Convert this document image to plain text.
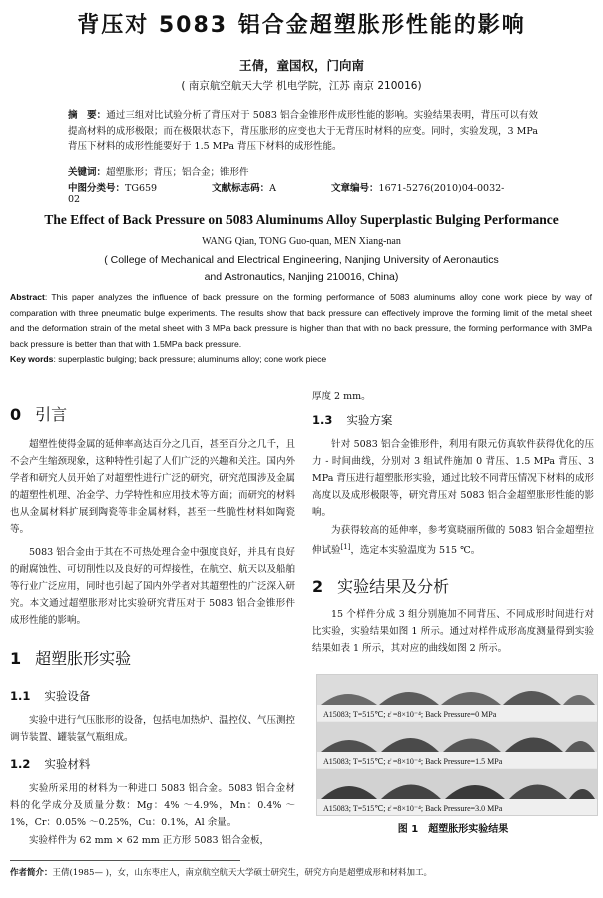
背压对 5083 铝合金超塑胀形性能的影响
王倩，童国权，门向南
( 南京航空航天大学 机电学院，江苏 南京 210016)
摘　要：通过三组对比试验分析了背压对于 5083 铝合金锥形件成形性能的影响。实验结果表明，背压可以有效提高材料的成形极限；而在极限状态下，背压胀形的应变也大于无背压时材料的应变。同时，实验发现，3 MPa 背压下材料的成形性能要好于 1.5 MPa 背压下材料的成形性能。
关键词：超塑胀形；背压；铝合金；锥形件
中图分类号：TG659	文献标志码：A	文章编号：1671-5276(2010)04-0032-02
The Effect of Back Pressure on 5083 Aluminums Alloy Superplastic Bulging Performance
WANG Qian, TONG Guo-quan, MEN Xiang-nan
( College of Mechanical and Electrical Engineering, Nanjing University of Aeronautics
and Astronautics, Nanjing 210016, China)
Abstract: This paper analyzes the influence of back pressure on the forming performance of 5083 aluminums alloy cone work piece by way of comparation with three pneumatic bulge experiments. The results show that back pressure can effectively improve the forming limit of the metal sheet and the deformation strain of the metal sheet with 3 MPa back pressure is higher than that with no back pressure, the forming performance with 3MPa back pressure is better than that with 1.5MPa back pressure.
Key words: superplastic bulging; back pressure; aluminums alloy; cone work piece
0 引言
超塑性使得金属的延伸率高达百分之几百，甚至百分之几千，且不会产生缩颈现象，这种特性引起了人们广泛的兴趣和关注。国内外学者和研究人员开始了对超塑性进行广泛的研究，研究范围涉及金属的超塑性机理、冶金学、力学特性和应用技术等方面；而研究的材料也从金属材料扩展到陶瓷等非金属材料，甚至一些脆性材料如陶瓷等。
5083 铝合金由于其在不可热处理合金中强度良好，并具有良好的耐腐蚀性、可切削性以及良好的可焊接性，在航空、航天以及船舶等行业广泛应用，同时也引起了国内外学者对其超塑性的广泛深入研究。本文通过超塑胀形对比实验研究背压对于 5083 铝合金锥形件成形性能的影响。
1 超塑胀形实验
1.1 实验设备
实验中进行气压胀形的设备，包括电加热炉、温控仪、气压测控调节装置、罐装氩气瓶组成。
1.2 实验材料
实验所采用的材料为一种进口 5083 铝合金。5083 铝合金材料的化学成分及质量分数：Mg：4% ～4.9%，Mn：0.4% ～1%，Cr：0.05% ～0.25%，Cu：0.1%，Al 余量。
实验样件为 62 mm × 62 mm 正方形 5083 铝合金板，
厚度 2 mm。
1.3 实验方案
针对 5083 铝合金锥形件，利用有限元仿真软件获得优化的压力 - 时间曲线，分别对 3 组试件施加 0 背压、1.5 MPa 背压、3 MPa 背压进行超塑胀形实验，通过比较不同背压情况下材料的成形高度以及成形极限等，研究背压对 5083 铝合金超塑胀形性能的影响。
为获得较高的延伸率，参考寞晓丽所做的 5083 铝合金超塑拉伸试验[1]，选定本实验温度为 515 ℃。
2 实验结果及分析
15 个样件分成 3 组分别施加不同背压、不同成形时间进行对比实验，实验结果如图 1 所示。通过对样件成形高度测量得到实验结果如表 1 所示，其对应的曲线如图 2 所示。
A15083; T=515℃; ε̇ =8×10⁻⁴; Back Pressure=0 MPa
A15083; T=515℃; ε̇ =8×10⁻⁴; Back Pressure=1.5 MPa
A15083; T=515℃; ε̇ =8×10⁻⁴; Back Pressure=3.0 MPa
图 1　超塑胀形实验结果
作者简介：王倩(1985— )，女，山东枣庄人，南京航空航天大学硕士研究生，研究方向是超塑成形和材料加工。
